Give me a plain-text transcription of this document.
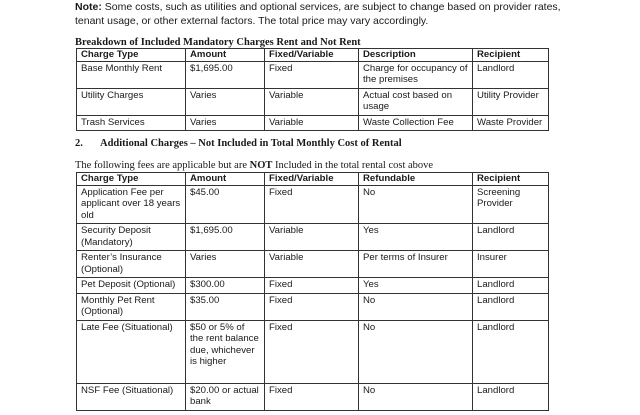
Note: Some costs, such as utilities and optional services, are subject to change based on provider rates, tenant usage, or other external factors. The total price may vary accordingly.
Breakdown of Included Mandatory Charges Rent and Not Rent
Charge Type	Amount	Fixed/Variable	Description	Recipient
Base Monthly Rent	$1,695.00	Fixed	Charge for occupancy of the premises	Landlord
Utility Charges	Varies	Variable	Actual cost based on usage	Utility Provider
Trash Services	Varies	Variable	Waste Collection Fee	Waste Provider
2. Additional Charges – Not Included in Total Monthly Cost of Rental
The following fees are applicable but are NOT Included in the total rental cost above
Charge Type	Amount	Fixed/Variable	Refundable	Recipient
Application Fee per applicant over 18 years old	$45.00	Fixed	No	Screening Provider
Security Deposit (Mandatory)	$1,695.00	Variable	Yes	Landlord
Renter’s Insurance (Optional)	Varies	Variable	Per terms of Insurer	Insurer
Pet Deposit (Optional)	$300.00	Fixed	Yes	Landlord
Monthly Pet Rent (Optional)	$35.00	Fixed	No	Landlord
Late Fee (Situational)	$50 or 5% of the rent balance due, whichever is higher	Fixed	No	Landlord
NSF Fee (Situational)	$20.00 or actual bank	Fixed	No	Landlord
